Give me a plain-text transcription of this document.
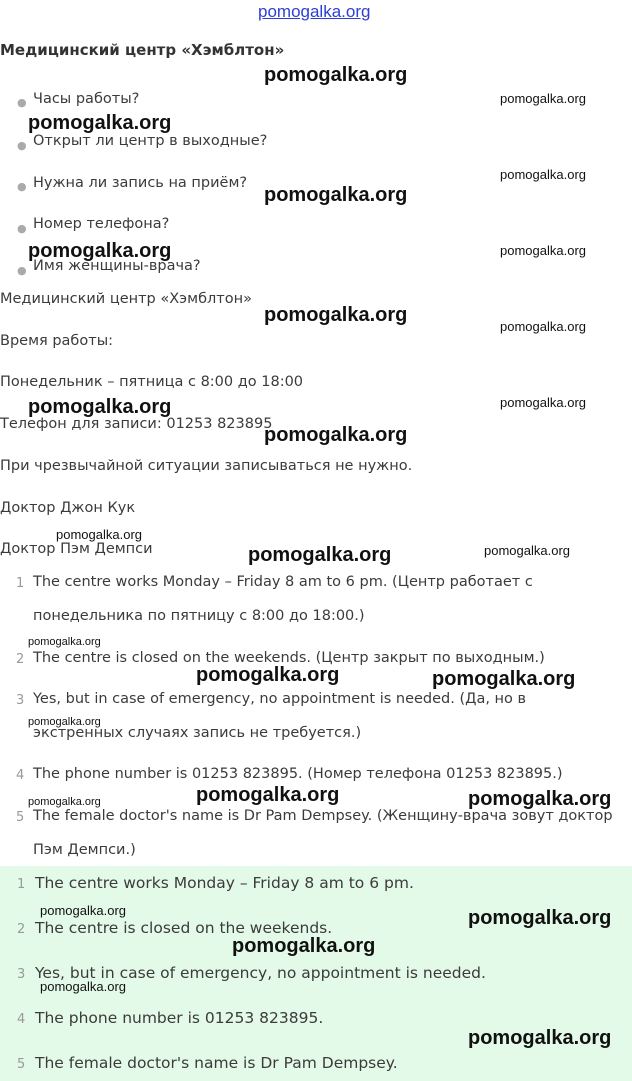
pomogalka.org
Медицинский центр «Хэмблтон»
● Часы работы?
● Открыт ли центр в выходные?
● Нужна ли запись на приём?
● Номер телефона?
● Имя женщины-врача?
Медицинский центр «Хэмблтон»
Время работы:
Понедельник – пятница с 8:00 до 18:00
Телефон для записи: 01253 823895
При чрезвычайной ситуации записываться не нужно.
Доктор Джон Кук
Доктор Пэм Демпси
1 The centre works Monday – Friday 8 am to 6 pm. (Центр работает с
понедельника по пятницу с 8:00 до 18:00.)
2 The centre is closed on the weekends. (Центр закрыт по выходным.)
3 Yes, but in case of emergency, no appointment is needed. (Да, но в
экстренных случаях запись не требуется.)
4 The phone number is 01253 823895. (Номер телефона 01253 823895.)
5 The female doctor's name is Dr Pam Dempsey. (Женщину-врача зовут доктор
Пэм Демпси.)
1 The centre works Monday – Friday 8 am to 6 pm.
2 The centre is closed on the weekends.
3 Yes, but in case of emergency, no appointment is needed.
4 The phone number is 01253 823895.
5 The female doctor's name is Dr Pam Dempsey.
pomogalka.org
pomogalka.org
pomogalka.org
pomogalka.org
pomogalka.org
pomogalka.org	pomogalka.org
pomogalka.org
pomogalka.org
pomogalka.org	pomogalka.org
pomogalka.org
pomogalka.org
pomogalka.org	pomogalka.org
pomogalka.org
pomogalka.org	pomogalka.org
pomogalka.org
pomogalka.org	pomogalka.org
pomogalka.org
pomogalka.org	pomogalka.org
pomogalka.org
pomogalka.org
pomogalka.org
